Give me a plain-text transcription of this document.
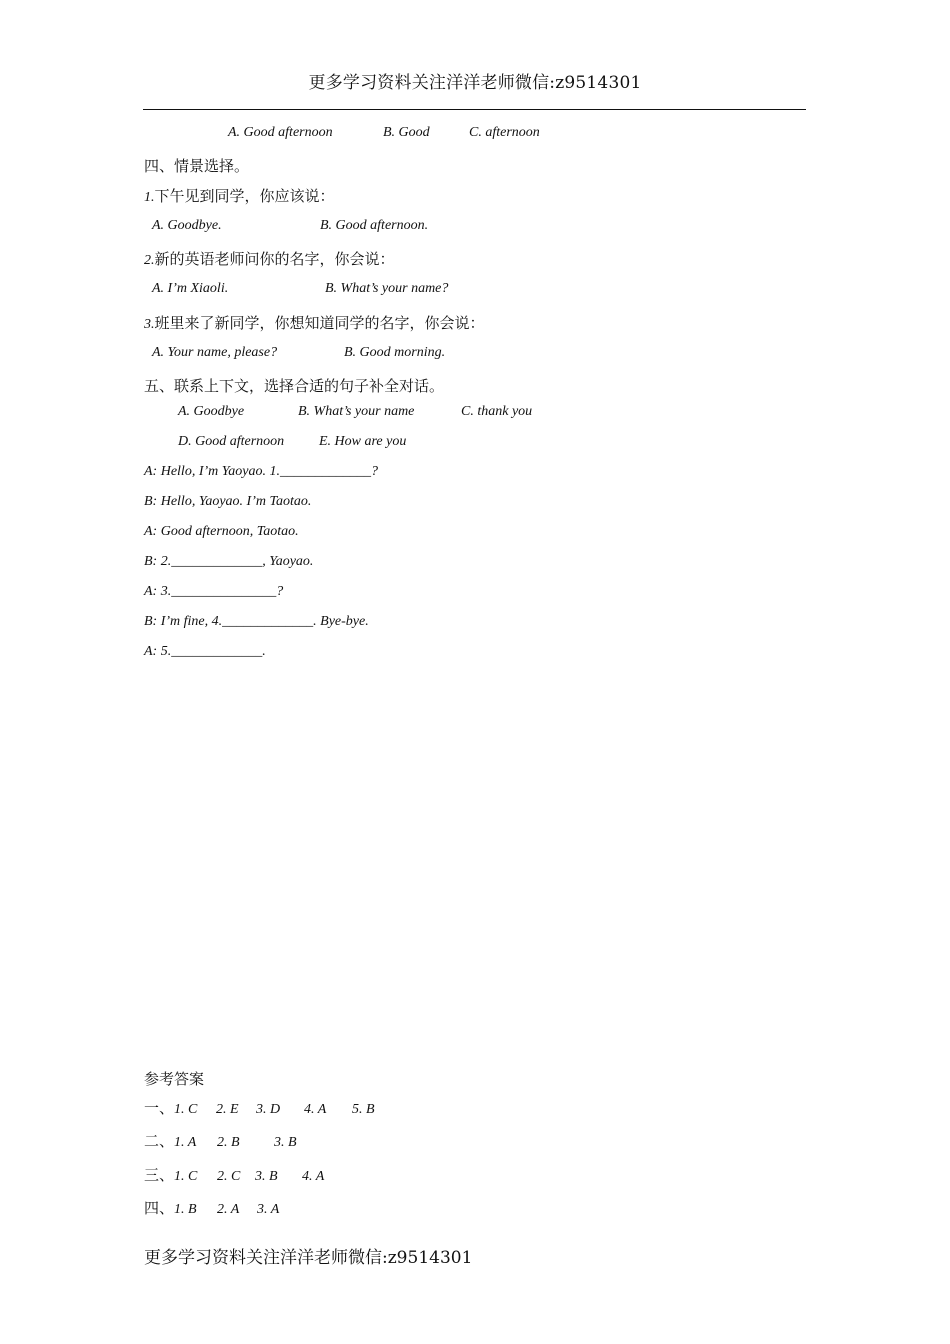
更多学习资料关注洋洋老师微信:z9514301
A. Good afternoon	B. Good	C. afternoon
四、情景选择。
1.下午见到同学，你应该说：
A. Goodbye.	B. Good afternoon.
2.新的英语老师问你的名字，你会说：
A. I’m Xiaoli.	B. What’s your name?
3.班里来了新同学，你想知道同学的名字，你会说：
A. Your name, please?	B. Good morning.
五、联系上下文，选择合适的句子补全对话。
A. Goodbye	B. What’s your name	C. thank you
D. Good afternoon E. How are you
A: Hello, I’m Yaoyao. 1._____________?
B: Hello, Yaoyao. I’m Taotao.
A: Good afternoon, Taotao.
B: 2._____________, Yaoyao.
A: 3._______________?
B: I’m fine, 4._____________. Bye-bye.
A: 5._____________.
参考答案
一、1. C 2. E 3. D 4. A 5. B
二、1. A 2. B 3. B
三、1. C 2. C 3. B 4. A
四、1. B 2. A 3. A
更多学习资料关注洋洋老师微信:z9514301
